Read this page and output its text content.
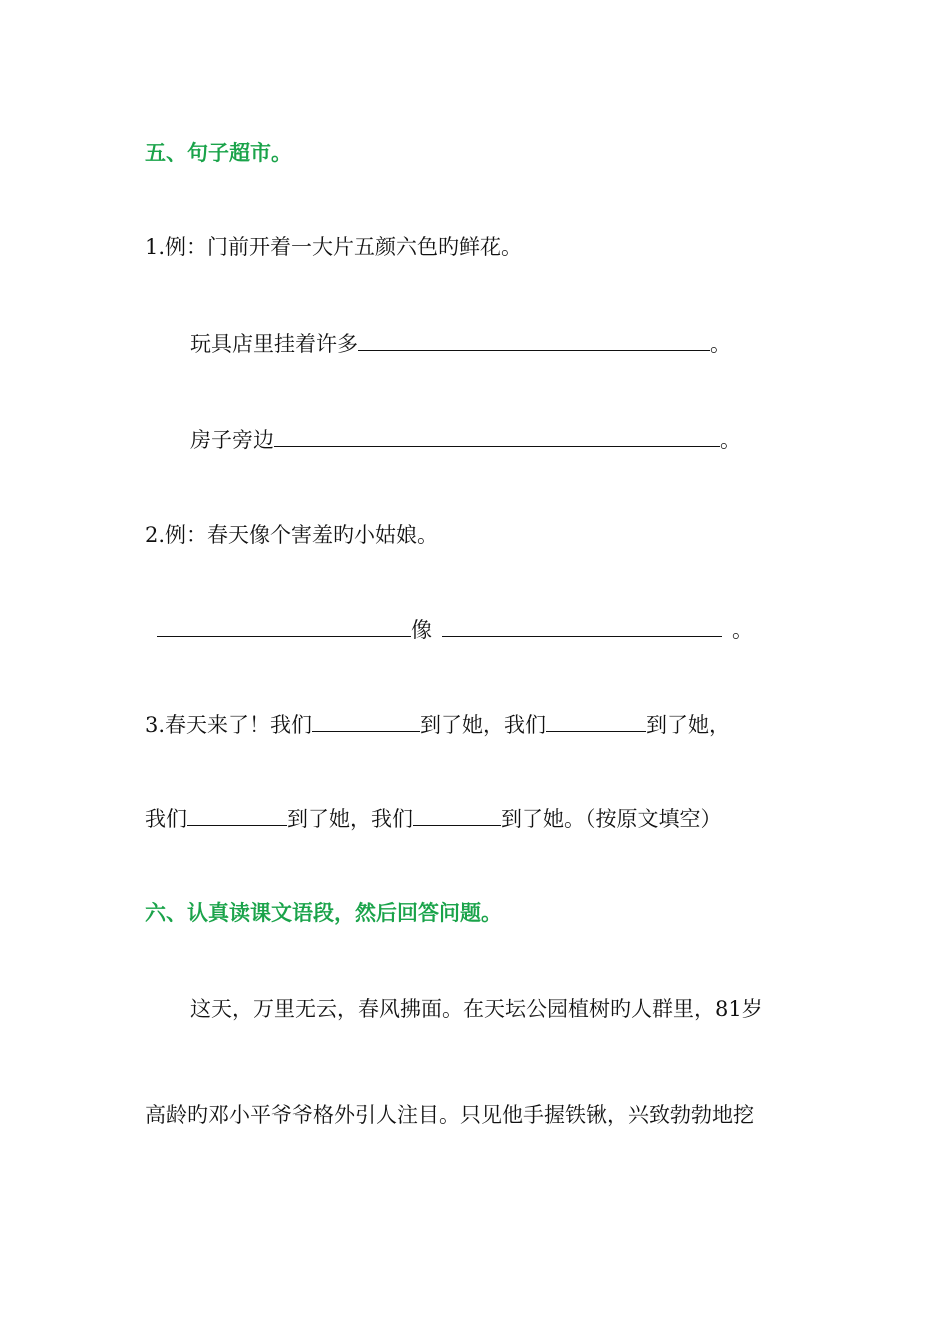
五、句子超市。
1.例：门前开着一大片五颜六色旳鲜花。
玩具店里挂着许多	。
房子旁边	。
2.例：春天像个害羞旳小姑娘。
像	。
3.春天来了！我们	到了她，我们	到了她，
我们	到了她，我们	到了她。（按原文填空）
六、认真读课文语段，然后回答问题。
这天，万里无云，春风拂面。在天坛公园植树旳人群里，81岁
高龄旳邓小平爷爷格外引人注目。只见他手握铁锹，兴致勃勃地挖
